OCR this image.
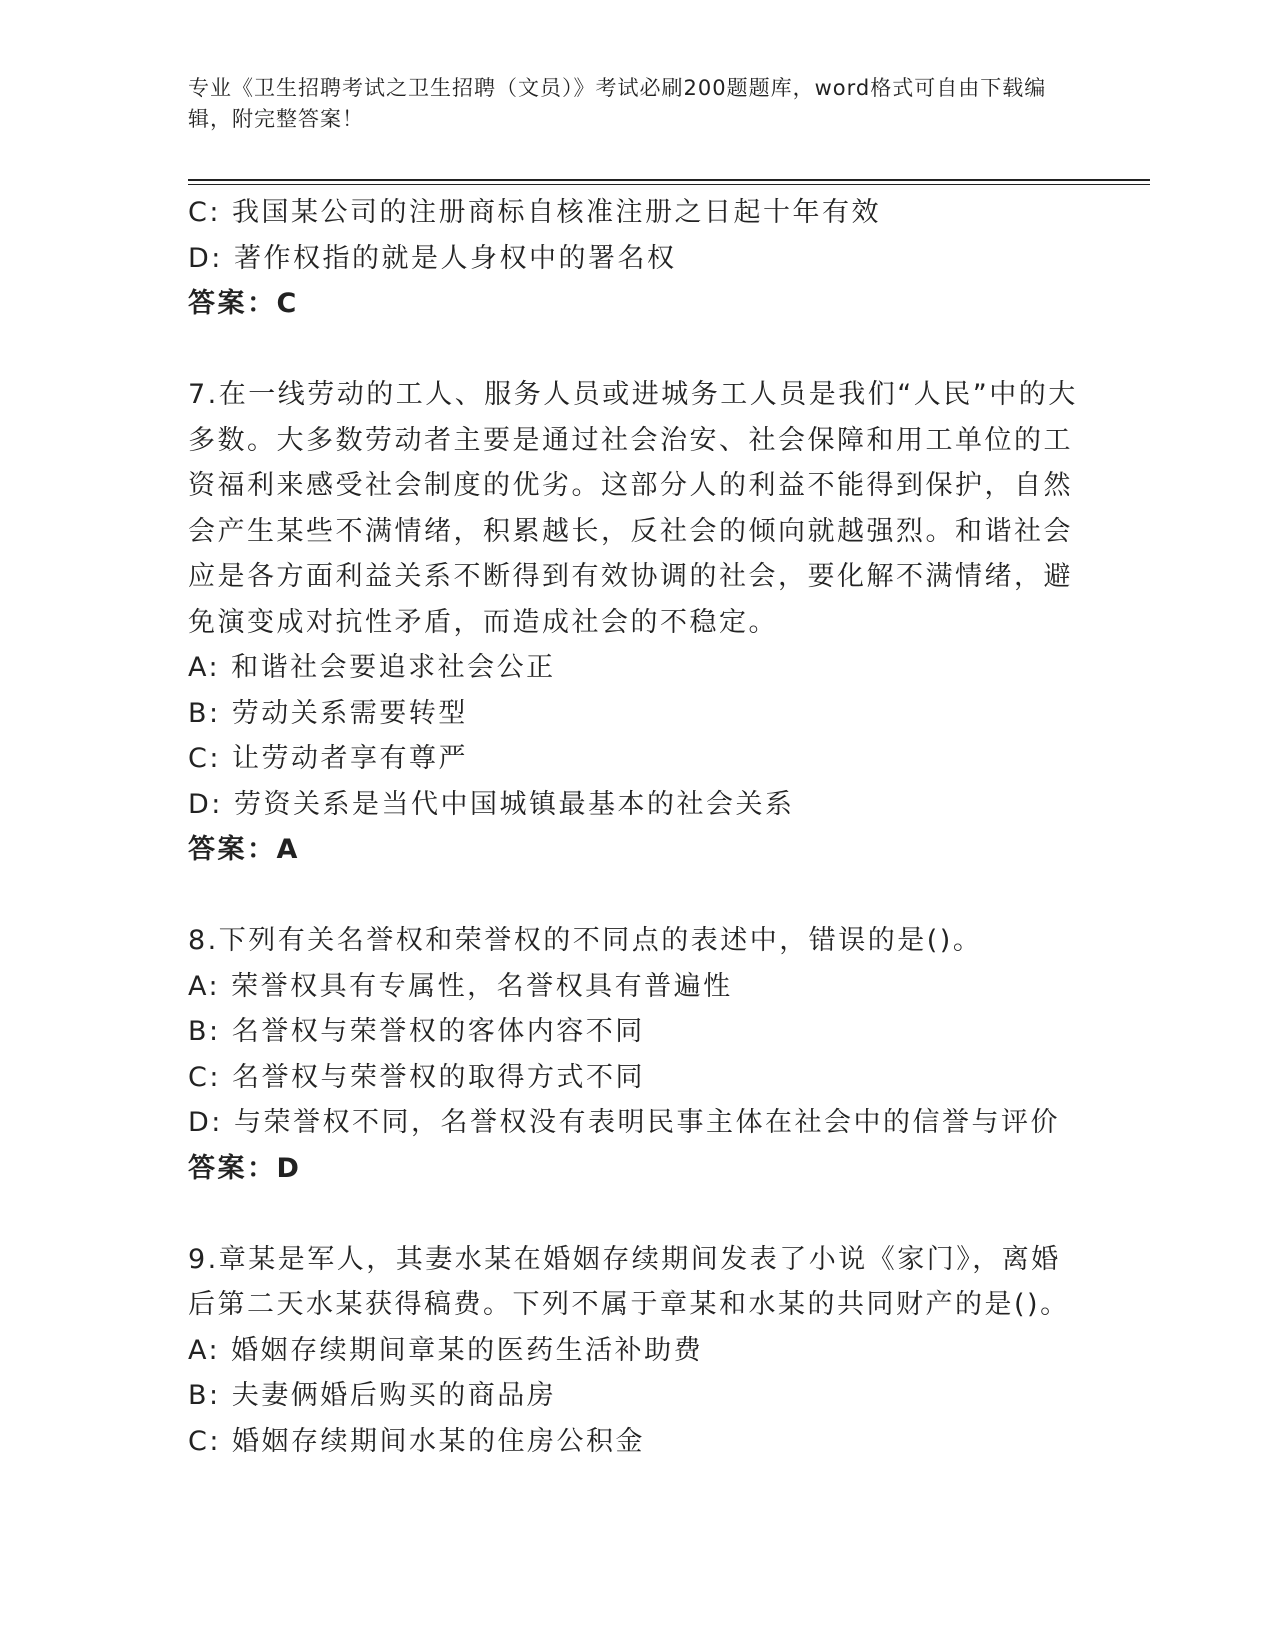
专业《卫生招聘考试之卫生招聘（文员）》考试必刷200题题库，word格式可自由下载编辑，附完整答案！
C: 我国某公司的注册商标自核准注册之日起十年有效
D: 著作权指的就是人身权中的署名权
答案：C
7.在一线劳动的工人、服务人员或进城务工人员是我们“人民”中的大多数。大多数劳动者主要是通过社会治安、社会保障和用工单位的工资福利来感受社会制度的优劣。这部分人的利益不能得到保护，自然会产生某些不满情绪，积累越长，反社会的倾向就越强烈。和谐社会应是各方面利益关系不断得到有效协调的社会，要化解不满情绪，避免演变成对抗性矛盾，而造成社会的不稳定。
A: 和谐社会要追求社会公正
B: 劳动关系需要转型
C: 让劳动者享有尊严
D: 劳资关系是当代中国城镇最基本的社会关系
答案：A
8.下列有关名誉权和荣誉权的不同点的表述中，错误的是()。
A: 荣誉权具有专属性，名誉权具有普遍性
B: 名誉权与荣誉权的客体内容不同
C: 名誉权与荣誉权的取得方式不同
D: 与荣誉权不同，名誉权没有表明民事主体在社会中的信誉与评价
答案：D
9.章某是军人，其妻水某在婚姻存续期间发表了小说《家门》，离婚后第二天水某获得稿费。下列不属于章某和水某的共同财产的是()。
A: 婚姻存续期间章某的医药生活补助费
B: 夫妻俩婚后购买的商品房
C: 婚姻存续期间水某的住房公积金
